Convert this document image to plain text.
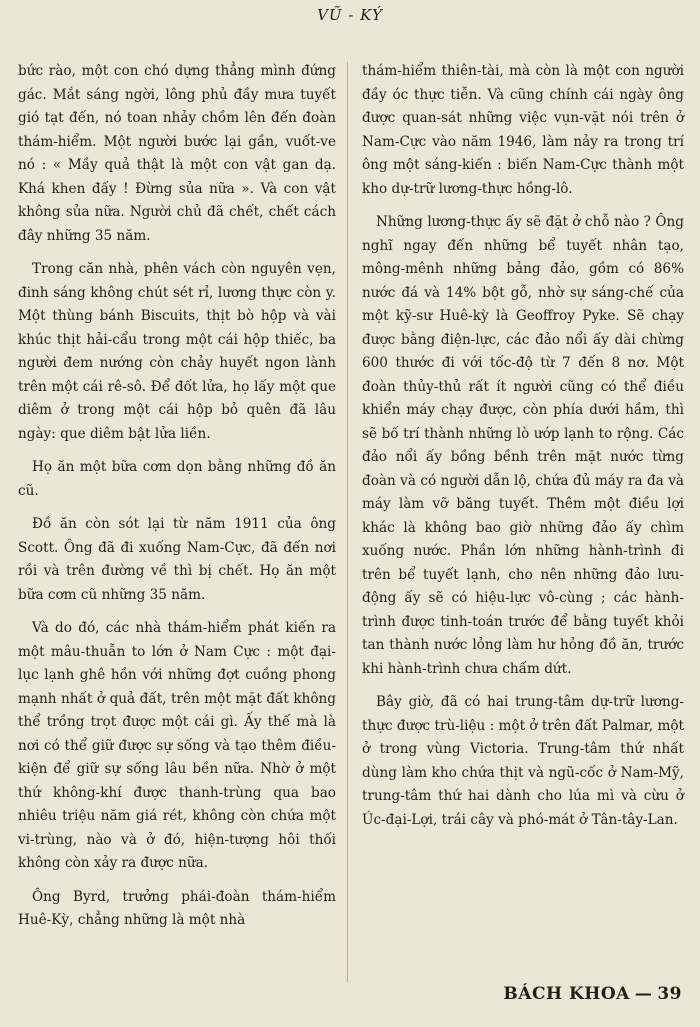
VŨ - KÝ

bức rào, một con chó dựng thẳng mình đứng gác. Mắt sáng ngời, lông phủ đầy mưa tuyết gió tạt đến, nó toan nhảy chồm lên đến đoàn thám-hiểm. Một người bước lại gần, vuốt-ve nó : « Mầy quả thật là một con vật gan dạ. Khá khen đấy ! Đừng sủa nữa ». Và con vật không sủa nữa. Người chủ đã chết, chết cách đây những 35 năm.

Trong căn nhà, phên vách còn nguyên vẹn, đinh sáng không chút sét rỉ, lương thực còn y. Một thùng bánh Biscuits, thịt bò hộp và vài khúc thịt hải-cẩu trong một cái hộp thiếc, ba người đem nướng còn chảy huyết ngon lành trên một cái rê-sô. Để đốt lửa, họ lấy một que diêm ở trong một cái hộp bỏ quên đã lâu ngày: que diêm bật lửa liền.

Họ ăn một bữa cơm dọn bằng những đồ ăn cũ.

Đồ ăn còn sót lại từ năm 1911 của ông Scott. Ông đã đi xuống Nam-Cực, đã đến nơi rồi và trên đường về thì bị chết. Họ ăn một bữa cơm cũ những 35 năm.

Và do đó, các nhà thám-hiểm phát kiến ra một mâu-thuẫn to lớn ở Nam Cực : một đại-lục lạnh ghê hồn với những đợt cuồng phong mạnh nhất ở quả đất, trên một mặt đất không thể trồng trọt được một cái gì. Ấy thế mà là nơi có thể giữ được sự sống và tạo thêm điều-kiện để giữ sự sống lâu bền nữa. Nhờ ở một thứ không-khí được thanh-trùng qua bao nhiêu triệu năm giá rét, không còn chứa một vi-trùng, nào và ở đó, hiện-tượng hôi thối không còn xảy ra được nữa.

Ông Byrd, trưởng phái-đoàn thám-hiểm Huê-Kỳ, chẳng những là một nhà

thám-hiểm thiên-tài, mà còn là một con người đầy óc thực tiễn. Và cũng chính cái ngày ông được quan-sát những việc vụn-vặt nói trên ở Nam-Cực vào năm 1946, làm nảy ra trong trí ông một sáng-kiến : biến Nam-Cực thành một kho dự-trữ lương-thực hồng-lô.

Những lương-thực ấy sẽ đặt ở chỗ nào ? Ông nghĩ ngay đến những bể tuyết nhân tạo, mông-mênh những bảng đảo, gồm có 86% nước đá và 14% bột gỗ, nhờ sự sáng-chế của một kỹ-sư Huê-kỳ là Geoffroy Pyke. Sẽ chạy được bằng điện-lực, các đảo nổi ấy dài chừng 600 thước đi với tốc-độ từ 7 đến 8 nơ. Một đoàn thủy-thủ rất ít người cũng có thể điều khiển máy chạy được, còn phía dưới hầm, thì sẽ bố trí thành những lò ướp lạnh to rộng. Các đảo nổi ấy bồng bềnh trên mặt nước từng đoàn và có người dẫn lộ, chứa đủ máy ra đa và máy làm vỡ băng tuyết. Thêm một điều lợi khác là không bao giờ những đảo ấy chìm xuống nước. Phần lớn những hành-trình đi trên bể tuyết lạnh, cho nên những đảo lưu-động ấy sẽ có hiệu-lực vô-cùng ; các hành-trình được tinh-toán trước để bằng tuyết khỏi tan thành nước lỏng làm hư hỏng đồ ăn, trước khi hành-trình chưa chấm dứt.

Bây giờ, đã có hai trung-tâm dự-trữ lương-thực được trù-liệu : một ở trên đất Palmar, một ở trong vùng Victoria. Trung-tâm thứ nhất dùng làm kho chứa thịt và ngũ-cốc ở Nam-Mỹ, trung-tâm thứ hai dành cho lúa mì và cừu ở Úc-đại-Lợi, trái cây và phó-mát ở Tân-tây-Lan.

BÁCH KHOA — 39
